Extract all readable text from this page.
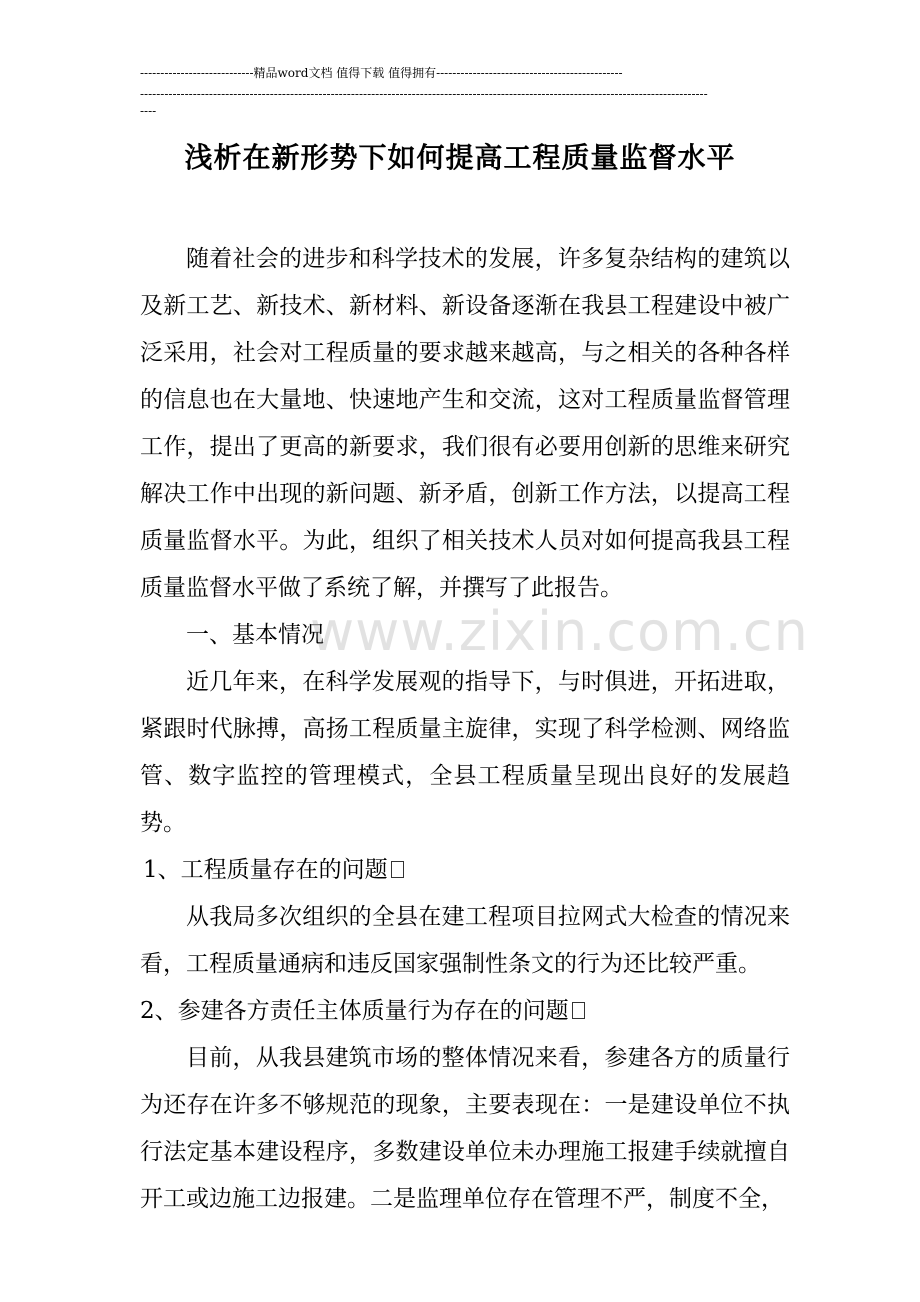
----------------------------精品word文档 值得下载 值得拥有----------------------------------------------
--------------------------------------------------------------------------------------------------------------------------------------------
----
浅析在新形势下如何提高工程质量监督水平

随着社会的进步和科学技术的发展，许多复杂结构的建筑以及新工艺、新技术、新材料、新设备逐渐在我县工程建设中被广泛采用，社会对工程质量的要求越来越高，与之相关的各种各样的信息也在大量地、快速地产生和交流，这对工程质量监督管理工作，提出了更高的新要求，我们很有必要用创新的思维来研究解决工作中出现的新问题、新矛盾，创新工作方法，以提高工程质量监督水平。为此，组织了相关技术人员对如何提高我县工程质量监督水平做了系统了解，并撰写了此报告。

一、基本情况

近几年来，在科学发展观的指导下，与时俱进，开拓进取，紧跟时代脉搏，高扬工程质量主旋律，实现了科学检测、网络监管、数字监控的管理模式，全县工程质量呈现出良好的发展趋势。

1、工程质量存在的问题

从我局多次组织的全县在建工程项目拉网式大检查的情况来看，工程质量通病和违反国家强制性条文的行为还比较严重。

2、参建各方责任主体质量行为存在的问题

目前，从我县建筑市场的整体情况来看，参建各方的质量行为还存在许多不够规范的现象，主要表现在：一是建设单位不执行法定基本建设程序，多数建设单位未办理施工报建手续就擅自开工或边施工边报建。二是监理单位存在管理不严，制度不全，

www.zixin.com.cn
